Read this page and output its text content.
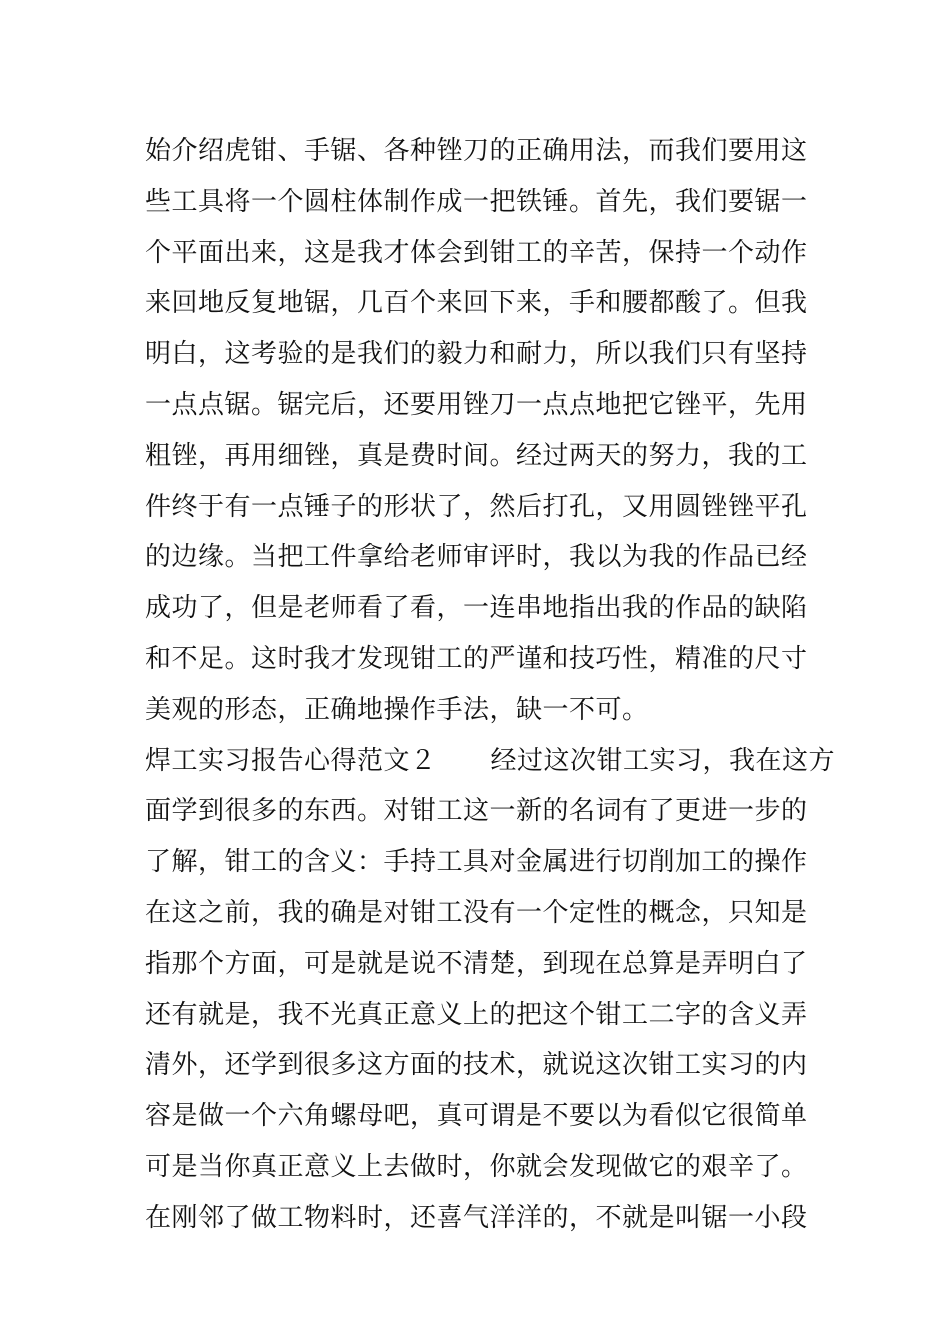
始介绍虎钳、手锯、各种锉刀的正确用法，而我们要用这
些工具将一个圆柱体制作成一把铁锤。首先，我们要锯一
个平面出来，这是我才体会到钳工的辛苦，保持一个动作
来回地反复地锯，几百个来回下来，手和腰都酸了。但我
明白，这考验的是我们的毅力和耐力，所以我们只有坚持
一点点锯。锯完后，还要用锉刀一点点地把它锉平，先用
粗锉，再用细锉，真是费时间。经过两天的努力，我的工
件终于有一点锤子的形状了，然后打孔，又用圆锉锉平孔
的边缘。当把工件拿给老师审评时，我以为我的作品已经
成功了，但是老师看了看，一连串地指出我的作品的缺陷
和不足。这时我才发现钳工的严谨和技巧性，精准的尺寸
美观的形态，正确地操作手法，缺一不可。
焊工实习报告心得范文２ 经过这次钳工实习，我在这方
面学到很多的东西。对钳工这一新的名词有了更进一步的
了解，钳工的含义：手持工具对金属进行切削加工的操作
在这之前，我的确是对钳工没有一个定性的概念，只知是
指那个方面，可是就是说不清楚，到现在总算是弄明白了
还有就是，我不光真正意义上的把这个钳工二字的含义弄
清外，还学到很多这方面的技术，就说这次钳工实习的内
容是做一个六角螺母吧，真可谓是不要以为看似它很简单
可是当你真正意义上去做时，你就会发现做它的艰辛了。
在刚邻了做工物料时，还喜气洋洋的，不就是叫锯一小段
